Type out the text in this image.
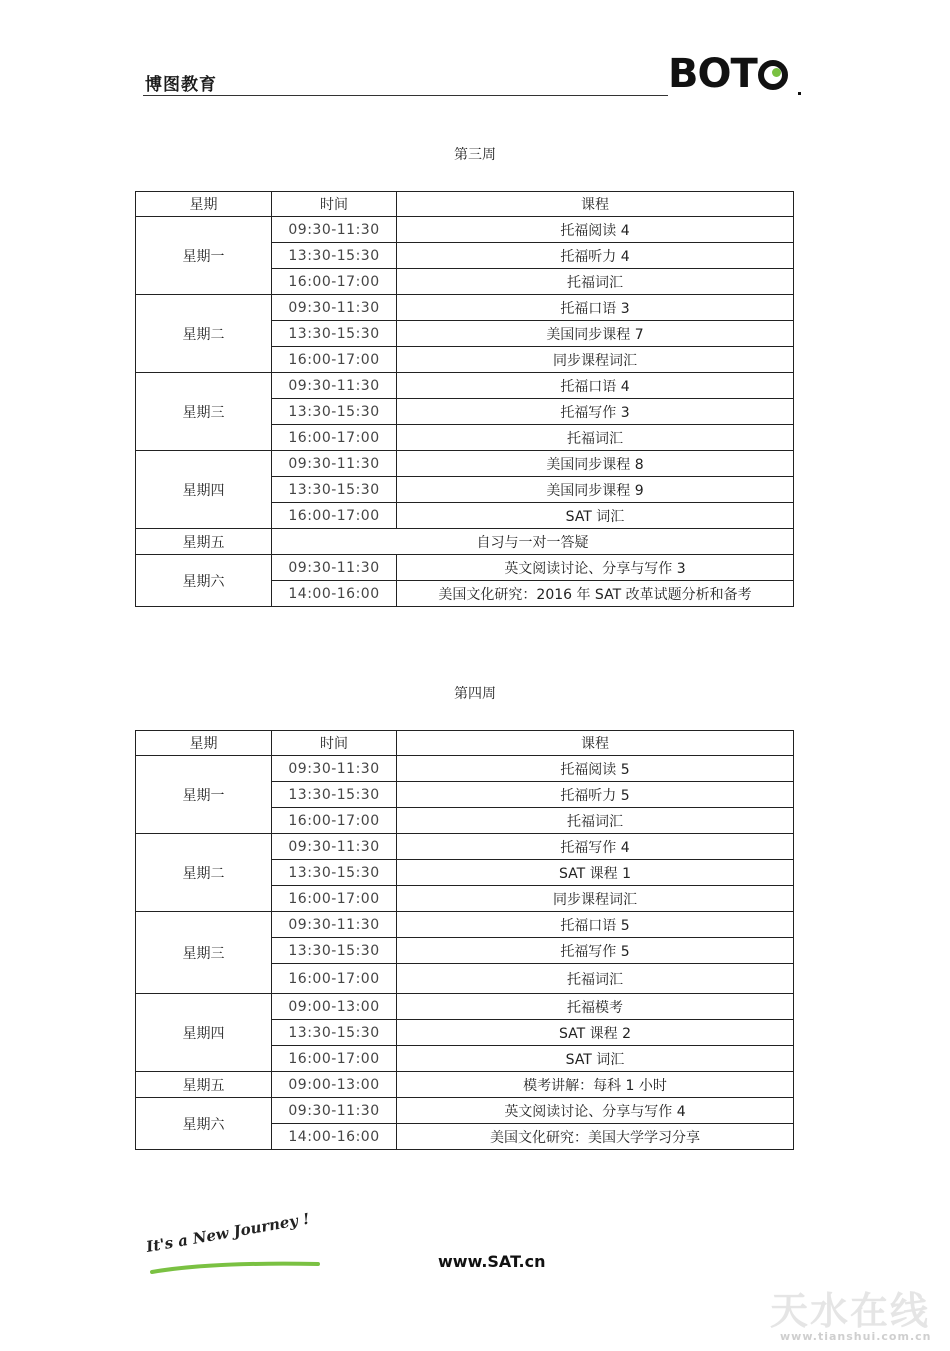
博图教育	BOT
第三周
星期	时间	课程
星期一	09:30-11:30	托福阅读 4
	13:30-15:30	托福听力 4
	16:00-17:00	托福词汇
星期二	09:30-11:30	托福口语 3
	13:30-15:30	美国同步课程 7
	16:00-17:00	同步课程词汇
星期三	09:30-11:30	托福口语 4
	13:30-15:30	托福写作 3
	16:00-17:00	托福词汇
星期四	09:30-11:30	美国同步课程 8
	13:30-15:30	美国同步课程 9
	16:00-17:00	SAT 词汇
星期五	自习与一对一答疑	
星期六	09:30-11:30	英文阅读讨论、分享与写作 3
	14:00-16:00	美国文化研究：2016 年 SAT 改革试题分析和备考
第四周
星期	时间	课程
星期一	09:30-11:30	托福阅读 5
	13:30-15:30	托福听力 5
	16:00-17:00	托福词汇
星期二	09:30-11:30	托福写作 4
	13:30-15:30	SAT 课程 1
	16:00-17:00	同步课程词汇
星期三	09:30-11:30	托福口语 5
	13:30-15:30	托福写作 5
	16:00-17:00	托福词汇
星期四	09:00-13:00	托福模考
	13:30-15:30	SAT 课程 2
	16:00-17:00	SAT 词汇
星期五	09:00-13:00	模考讲解：每科 1 小时
星期六	09:30-11:30	英文阅读讨论、分享与写作 4
	14:00-16:00	美国文化研究：美国大学学习分享
It's a New Journey !
www.SAT.cn
天水在线
www.tianshui.com.cn
